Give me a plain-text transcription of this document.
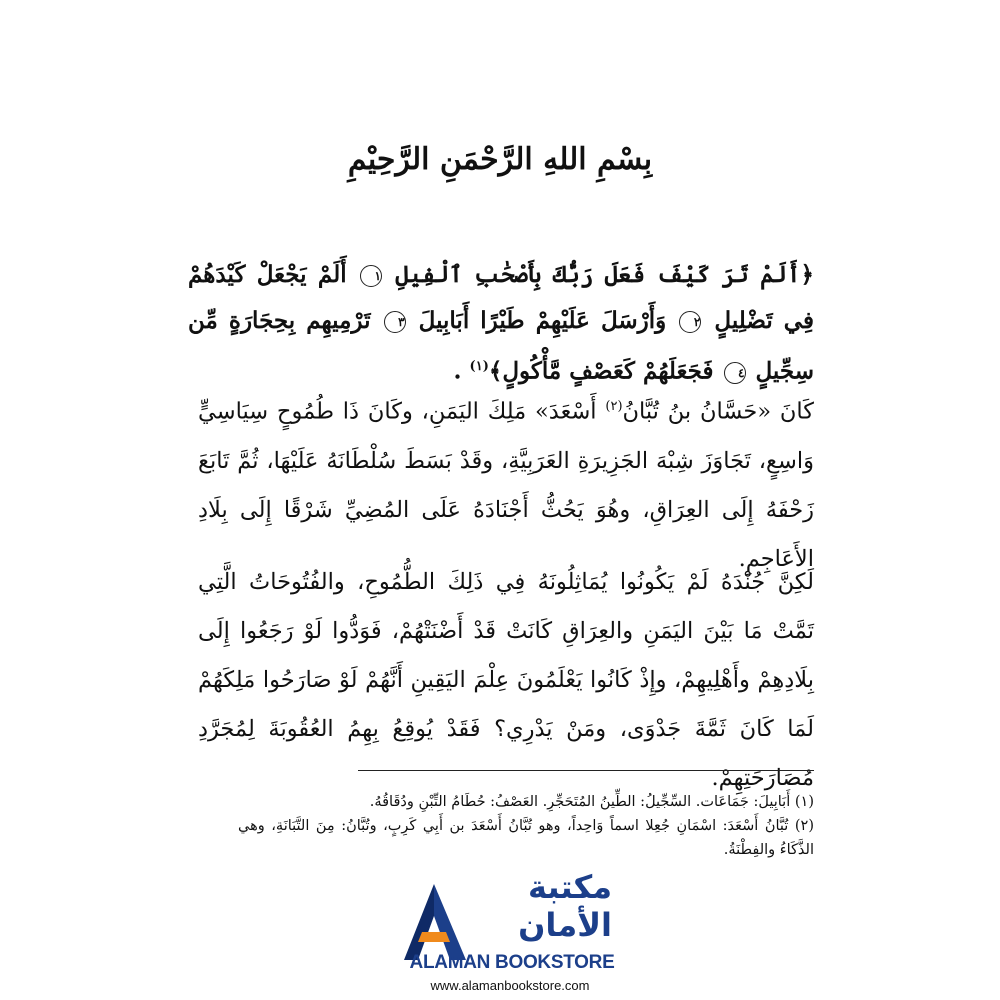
بِسْمِ اللهِ الرَّحْمَنِ الرَّحِيْمِ
﴿أَلَمْ تَرَ كَيْفَ فَعَلَ رَبُّكَ بِأَصْحَٰبِ ٱلْفِيلِ ١ أَلَمْ يَجْعَلْ كَيْدَهُمْ فِي تَضْلِيلٍ ٢ وَأَرْسَلَ عَلَيْهِمْ طَيْرًا أَبَابِيلَ ٣ تَرْمِيهِم بِحِجَارَةٍ مِّن سِجِّيلٍ ٤ فَجَعَلَهُمْ كَعَصْفٍ مَّأْكُولٍ﴾$^{(١)}$ .
كَانَ «حَسَّانُ بنُ تُبَّانُ$^{(٢)}$ أَسْعَدَ» مَلِكَ اليَمَنِ، وكَانَ ذَا طُمُوحٍ سِيَاسِيٍّ وَاسِعٍ، تَجَاوَزَ شِبْهَ الجَزِيرَةِ العَرَبِيَّةِ، وقَدْ بَسَطَ سُلْطَانَهُ عَلَيْهَا، ثُمَّ تَابَعَ زَحْفَهُ إِلَى العِرَاقِ، وهُوَ يَحُثُّ أَجْنَادَهُ عَلَى المُضِيِّ شَرْقًا إِلَى بِلَادِ الأَعَاجِمِ.
لَكِنَّ جُنْدَهُ لَمْ يَكُونُوا يُمَاثِلُونَهُ فِي ذَلِكَ الطُّمُوحِ، والفُتُوحَاتُ الَّتِي تَمَّتْ مَا بَيْنَ اليَمَنِ والعِرَاقِ كَانَتْ قَدْ أَضْنَتْهُمْ، فَوَدُّوا لَوْ رَجَعُوا إِلَى بِلَادِهِمْ وأَهْلِيهِمْ، وإِذْ كَانُوا يَعْلَمُونَ عِلْمَ اليَقِينِ أَنَّهُمْ لَوْ صَارَحُوا مَلِكَهُمْ لَمَا كَانَ ثَمَّةَ جَدْوَى، ومَنْ يَدْرِي؟ فَقَدْ يُوقِعُ بِهِمُ العُقُوبَةَ لِمُجَرَّدِ مُصَارَحَتِهِمْ.
(١) أَبَابِيلَ: جَمَاعَات. السِّجِّيلُ: الطِّينُ المُتَحَجِّرِ. العَصْفُ: حُطَامُ التِّبْنِ ودُقَاقُهُ.
(٢) تُبَّانُ أَسْعَدَ: اسْمَانِ جُعِلا اسماً وَاحِداً، وهو تُبَّانُ أَسْعَدَ بن أَبِي كَرِبٍ، وتُبَّانُ: مِنَ التَّبَانَةِ، وهي الذَّكَاءُ والفِطْنَةُ.
مكتبة
الأمان
ALAMAN BOOKSTORE
www.alamanbookstore.com
